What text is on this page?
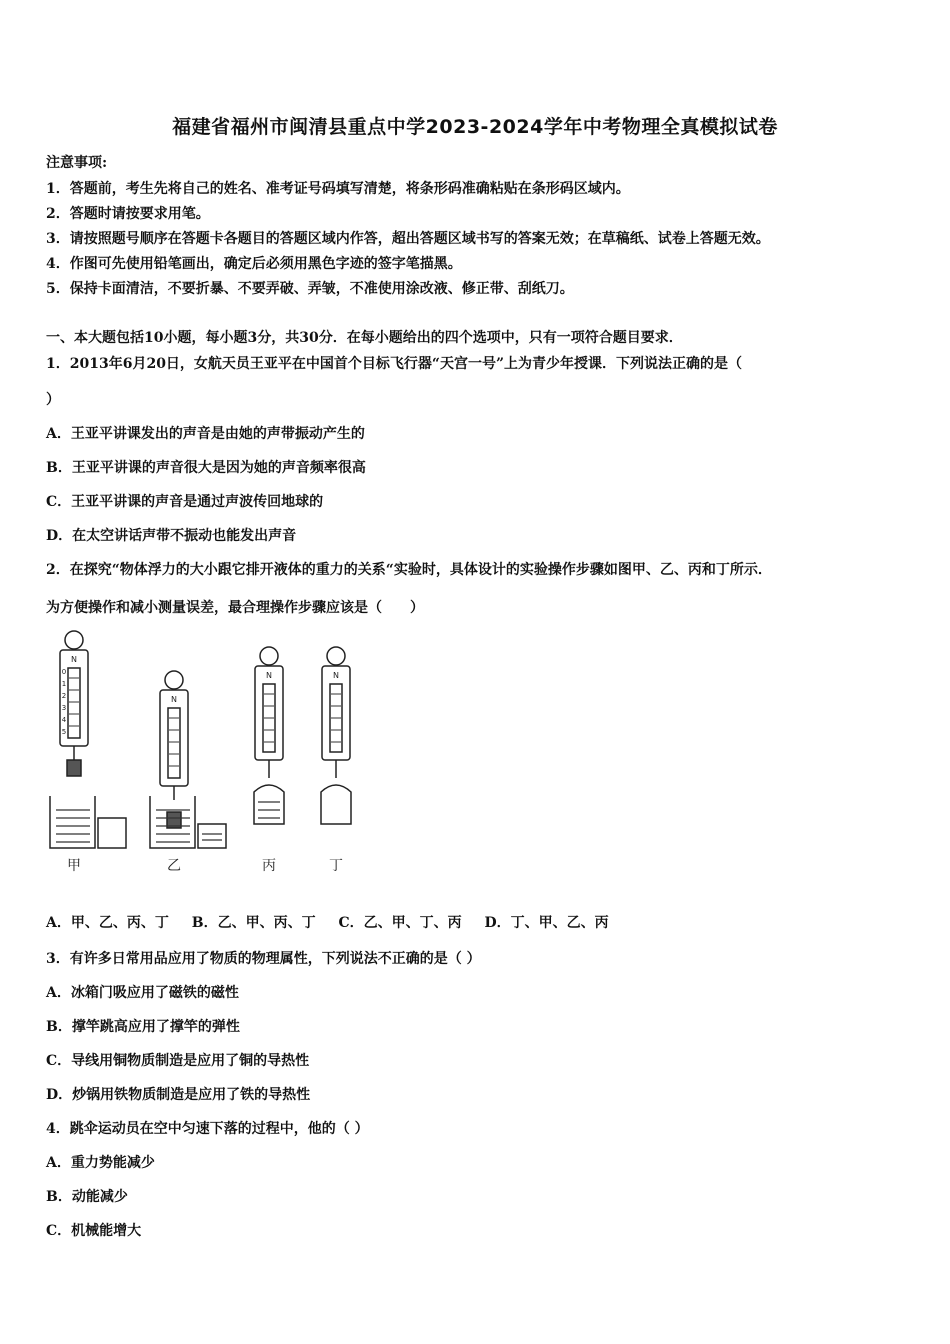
福建省福州市闽清县重点中学2023-2024学年中考物理全真模拟试卷
注意事项:
1．答题前，考生先将自己的姓名、准考证号码填写清楚，将条形码准确粘贴在条形码区域内。
2．答题时请按要求用笔。
3．请按照题号顺序在答题卡各题目的答题区域内作答，超出答题区域书写的答案无效；在草稿纸、试卷上答题无效。
4．作图可先使用铅笔画出，确定后必须用黑色字迹的签字笔描黑。
5．保持卡面清洁，不要折暴、不要弄破、弄皱，不准使用涂改液、修正带、刮纸刀。
一、本大题包括10小题，每小题3分，共30分．在每小题给出的四个选项中，只有一项符合题目要求．
1．2013年6月20日，女航天员王亚平在中国首个目标飞行器“天宫一号”上为青少年授课．下列说法正确的是（
）
A．王亚平讲课发出的声音是由她的声带振动产生的
B．王亚平讲课的声音很大是因为她的声音频率很高
C．王亚平讲课的声音是通过声波传回地球的
D．在太空讲话声带不振动也能发出声音
2．在探究“物体浮力的大小跟它排开液体的重力的关系“实验时，具体设计的实验操作步骤如图甲、乙、丙和丁所示．
为方便操作和减小测量误差，最合理操作步骤应该是（　　）
N
N
N	N
0
1
2
3
4
5
甲	乙	丙	丁
A．甲、乙、丙、丁 B．乙、甲、丙、丁 C．乙、甲、丁、丙 D．丁、甲、乙、丙
3．有许多日常用品应用了物质的物理属性，下列说法不正确的是（ ）
A．冰箱门吸应用了磁铁的磁性
B．撑竿跳高应用了撑竿的弹性
C．导线用铜物质制造是应用了铜的导热性
D．炒锅用铁物质制造是应用了铁的导热性
4．跳伞运动员在空中匀速下落的过程中，他的（ ）
A．重力势能减少
B．动能减少
C．机械能增大
